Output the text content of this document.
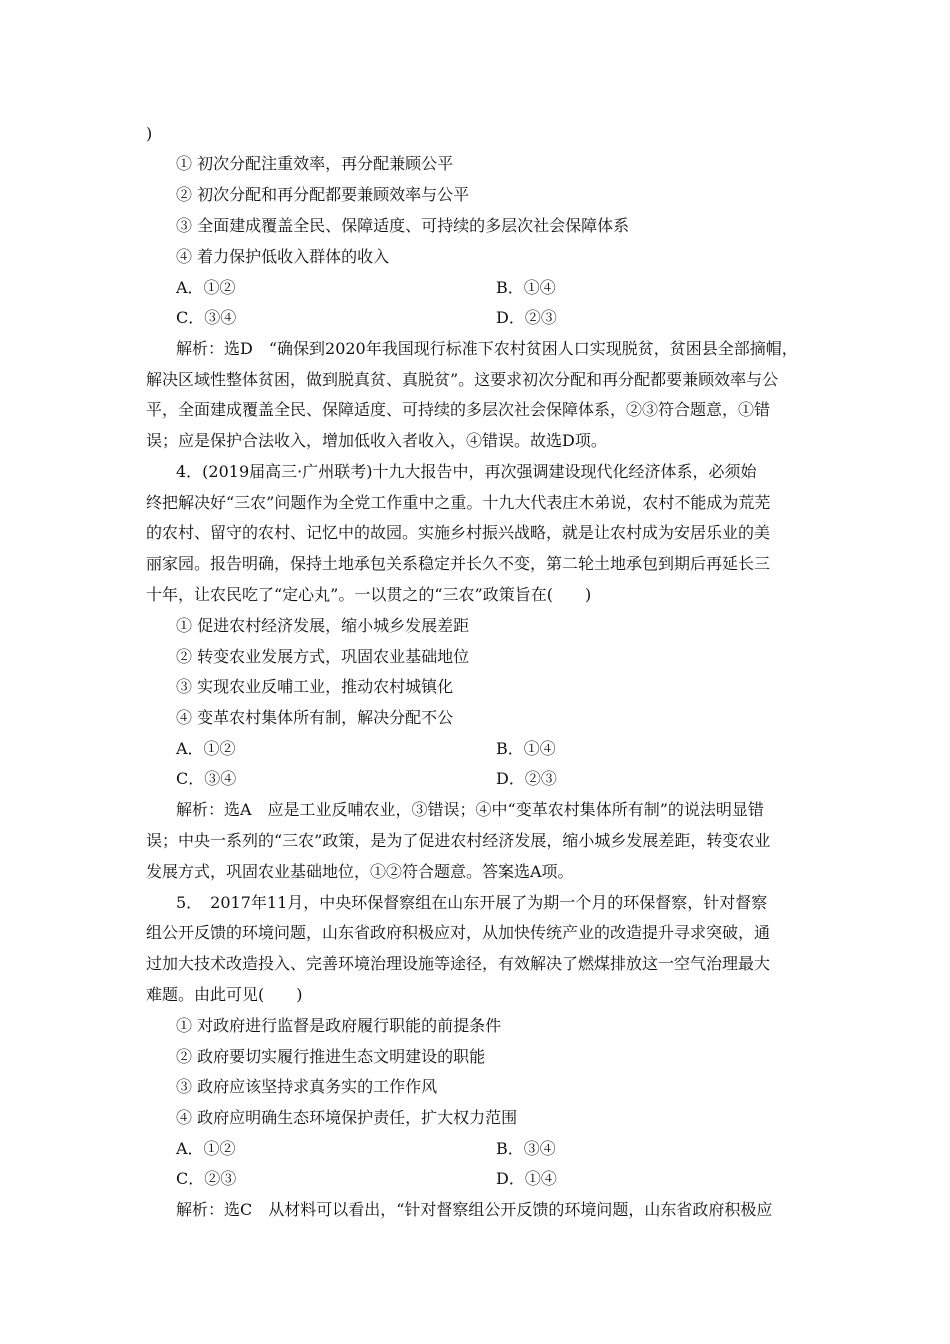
)
① 初次分配注重效率，再分配兼顾公平
② 初次分配和再分配都要兼顾效率与公平
③ 全面建成覆盖全民、保障适度、可持续的多层次社会保障体系
④ 着力保护低收入群体的收入
A．①②	B．①④
C．③④	D．②③
解析：选D　“确保到2020年我国现行标准下农村贫困人口实现脱贫，贫困县全部摘帽，
解决区域性整体贫困，做到脱真贫、真脱贫”。这要求初次分配和再分配都要兼顾效率与公
平，全面建成覆盖全民、保障适度、可持续的多层次社会保障体系，②③符合题意，①错
误；应是保护合法收入，增加低收入者收入，④错误。故选D项。
4．(2019届高三·广州联考)十九大报告中，再次强调建设现代化经济体系，必须始
终把解决好“三农”问题作为全党工作重中之重。十九大代表庄木弟说，农村不能成为荒芜
的农村、留守的农村、记忆中的故园。实施乡村振兴战略，就是让农村成为安居乐业的美
丽家园。报告明确，保持土地承包关系稳定并长久不变，第二轮土地承包到期后再延长三
十年，让农民吃了“定心丸”。一以贯之的“三农”政策旨在(　　)
① 促进农村经济发展，缩小城乡发展差距
② 转变农业发展方式，巩固农业基础地位
③ 实现农业反哺工业，推动农村城镇化
④ 变革农村集体所有制，解决分配不公
A．①②	B．①④
C．③④	D．②③
解析：选A　应是工业反哺农业，③错误；④中“变革农村集体所有制”的说法明显错
误；中央一系列的“三农”政策，是为了促进农村经济发展，缩小城乡发展差距，转变农业
发展方式，巩固农业基础地位，①②符合题意。答案选A项。
5．　2017年11月，中央环保督察组在山东开展了为期一个月的环保督察，针对督察
组公开反馈的环境问题，山东省政府积极应对，从加快传统产业的改造提升寻求突破，通
过加大技术改造投入、完善环境治理设施等途径，有效解决了燃煤排放这一空气治理最大
难题。由此可见(　　)
① 对政府进行监督是政府履行职能的前提条件
② 政府要切实履行推进生态文明建设的职能
③ 政府应该坚持求真务实的工作作风
④ 政府应明确生态环境保护责任，扩大权力范围
A．①②	B．③④
C．②③	D．①④
解析：选C　从材料可以看出，“针对督察组公开反馈的环境问题，山东省政府积极应
